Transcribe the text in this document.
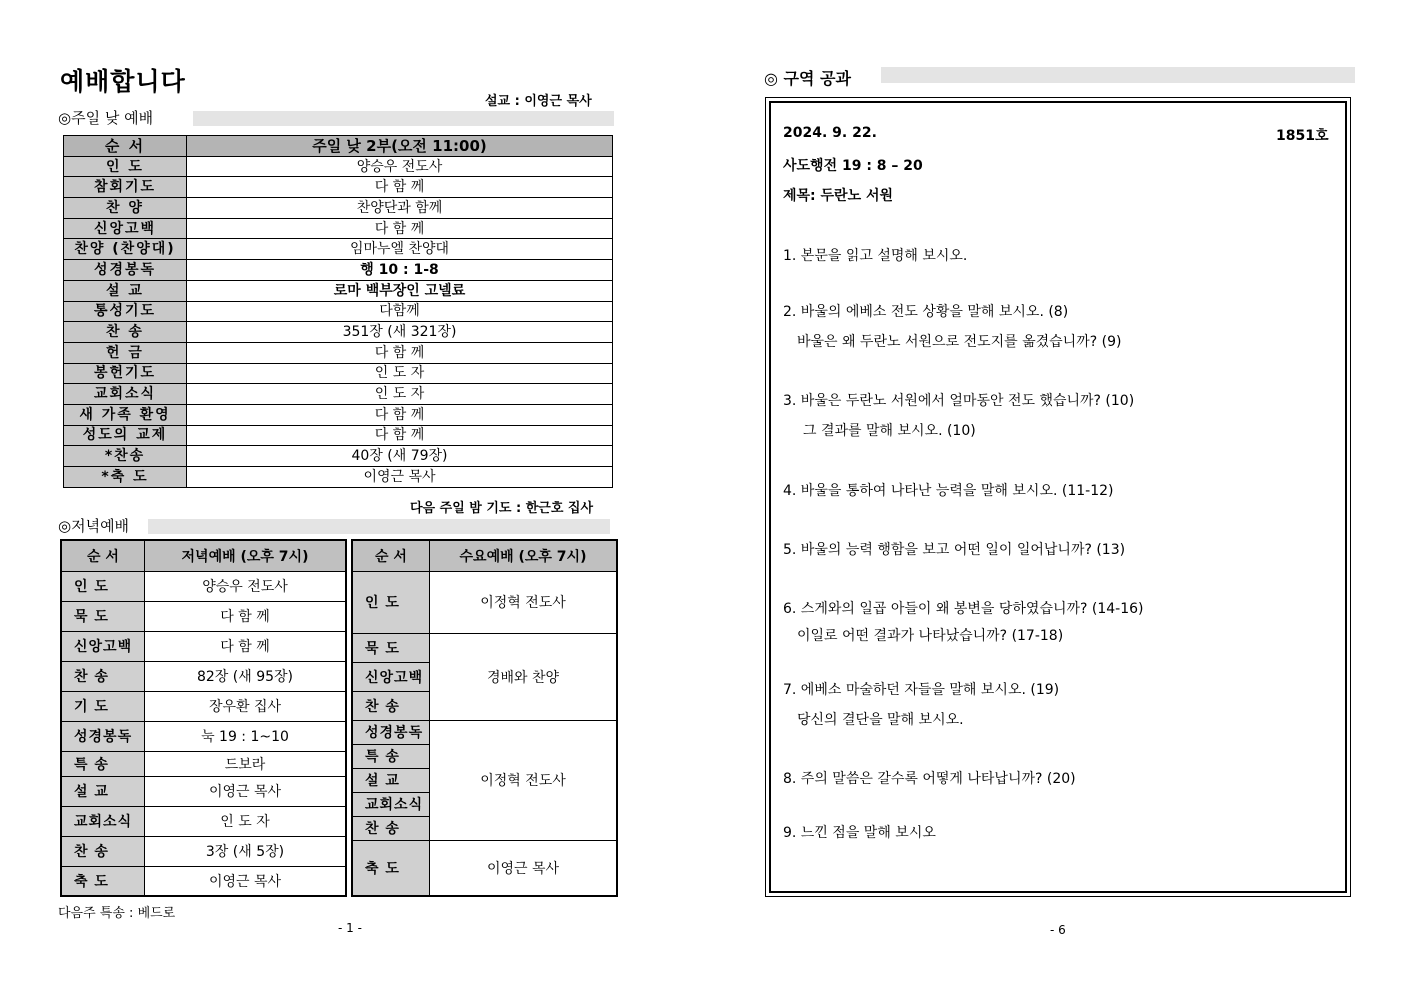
예배합니다
설교 : 이영근 목사
◎주일 낮 예배
순 서	주일 낮 2부(오전 11:00)
인 도	양승우 전도사
참회기도	다 함 께
찬 양	찬양단과 함께
신앙고백	다 함 께
찬양 (찬양대)	임마누엘 찬양대
성경봉독	행 10 : 1-8
설 교	로마 백부장인 고넬료
통성기도	다함께
찬 송	351장 (새 321장)
헌 금	다 함 께
봉헌기도	인 도 자
교회소식	인 도 자
새 가족 환영	다 함 께
성도의 교제	다 함 께
*찬송	40장 (새 79장)
*축 도	이영근 목사
다음 주일 밤 기도 : 한근호 집사
◎저녁예배
순 서	저녁예배 (오후 7시)
인 도	양승우 전도사
묵 도	다 함 께
신앙고백	다 함 께
찬 송	82장 (새 95장)
기 도	장우환 집사
성경봉독	눅 19 : 1~10
특 송	드보라
설 교	이영근 목사
교회소식	인 도 자
찬 송	3장 (새 5장)
축 도	이영근 목사
순 서	수요예배 (오후 7시)
인 도	이정혁 전도사
묵 도	경배와 찬양
신앙고백	
찬 송	
성경봉독	이정혁 전도사
특 송	
설 교	
교회소식	
찬 송	
축 도	이영근 목사
다음주 특송 : 베드로
- 1 -
◎ 구역 공과
2024. 9. 22.	1851호
사도행전 19 : 8 – 20
제목: 두란노 서원
1. 본문을 읽고 설명해 보시오.
2. 바울의 에베소 전도 상황을 말해 보시오. (8)
바울은 왜 두란노 서원으로 전도지를 옮겼습니까? (9)
3. 바울은 두란노 서원에서 얼마동안 전도 했습니까? (10)
그 결과를 말해 보시오. (10)
4. 바울을 통하여 나타난 능력을 말해 보시오. (11-12)
5. 바울의 능력 행함을 보고 어떤 일이 일어납니까? (13)
6. 스게와의 일곱 아들이 왜 봉변을 당하였습니까? (14-16)
이일로 어떤 결과가 나타났습니까? (17-18)
7. 에베소 마술하던 자들을 말해 보시오. (19)
당신의 결단을 말해 보시오.
8. 주의 말씀은 갈수록 어떻게 나타납니까? (20)
9. 느낀 점을 말해 보시오
- 6
